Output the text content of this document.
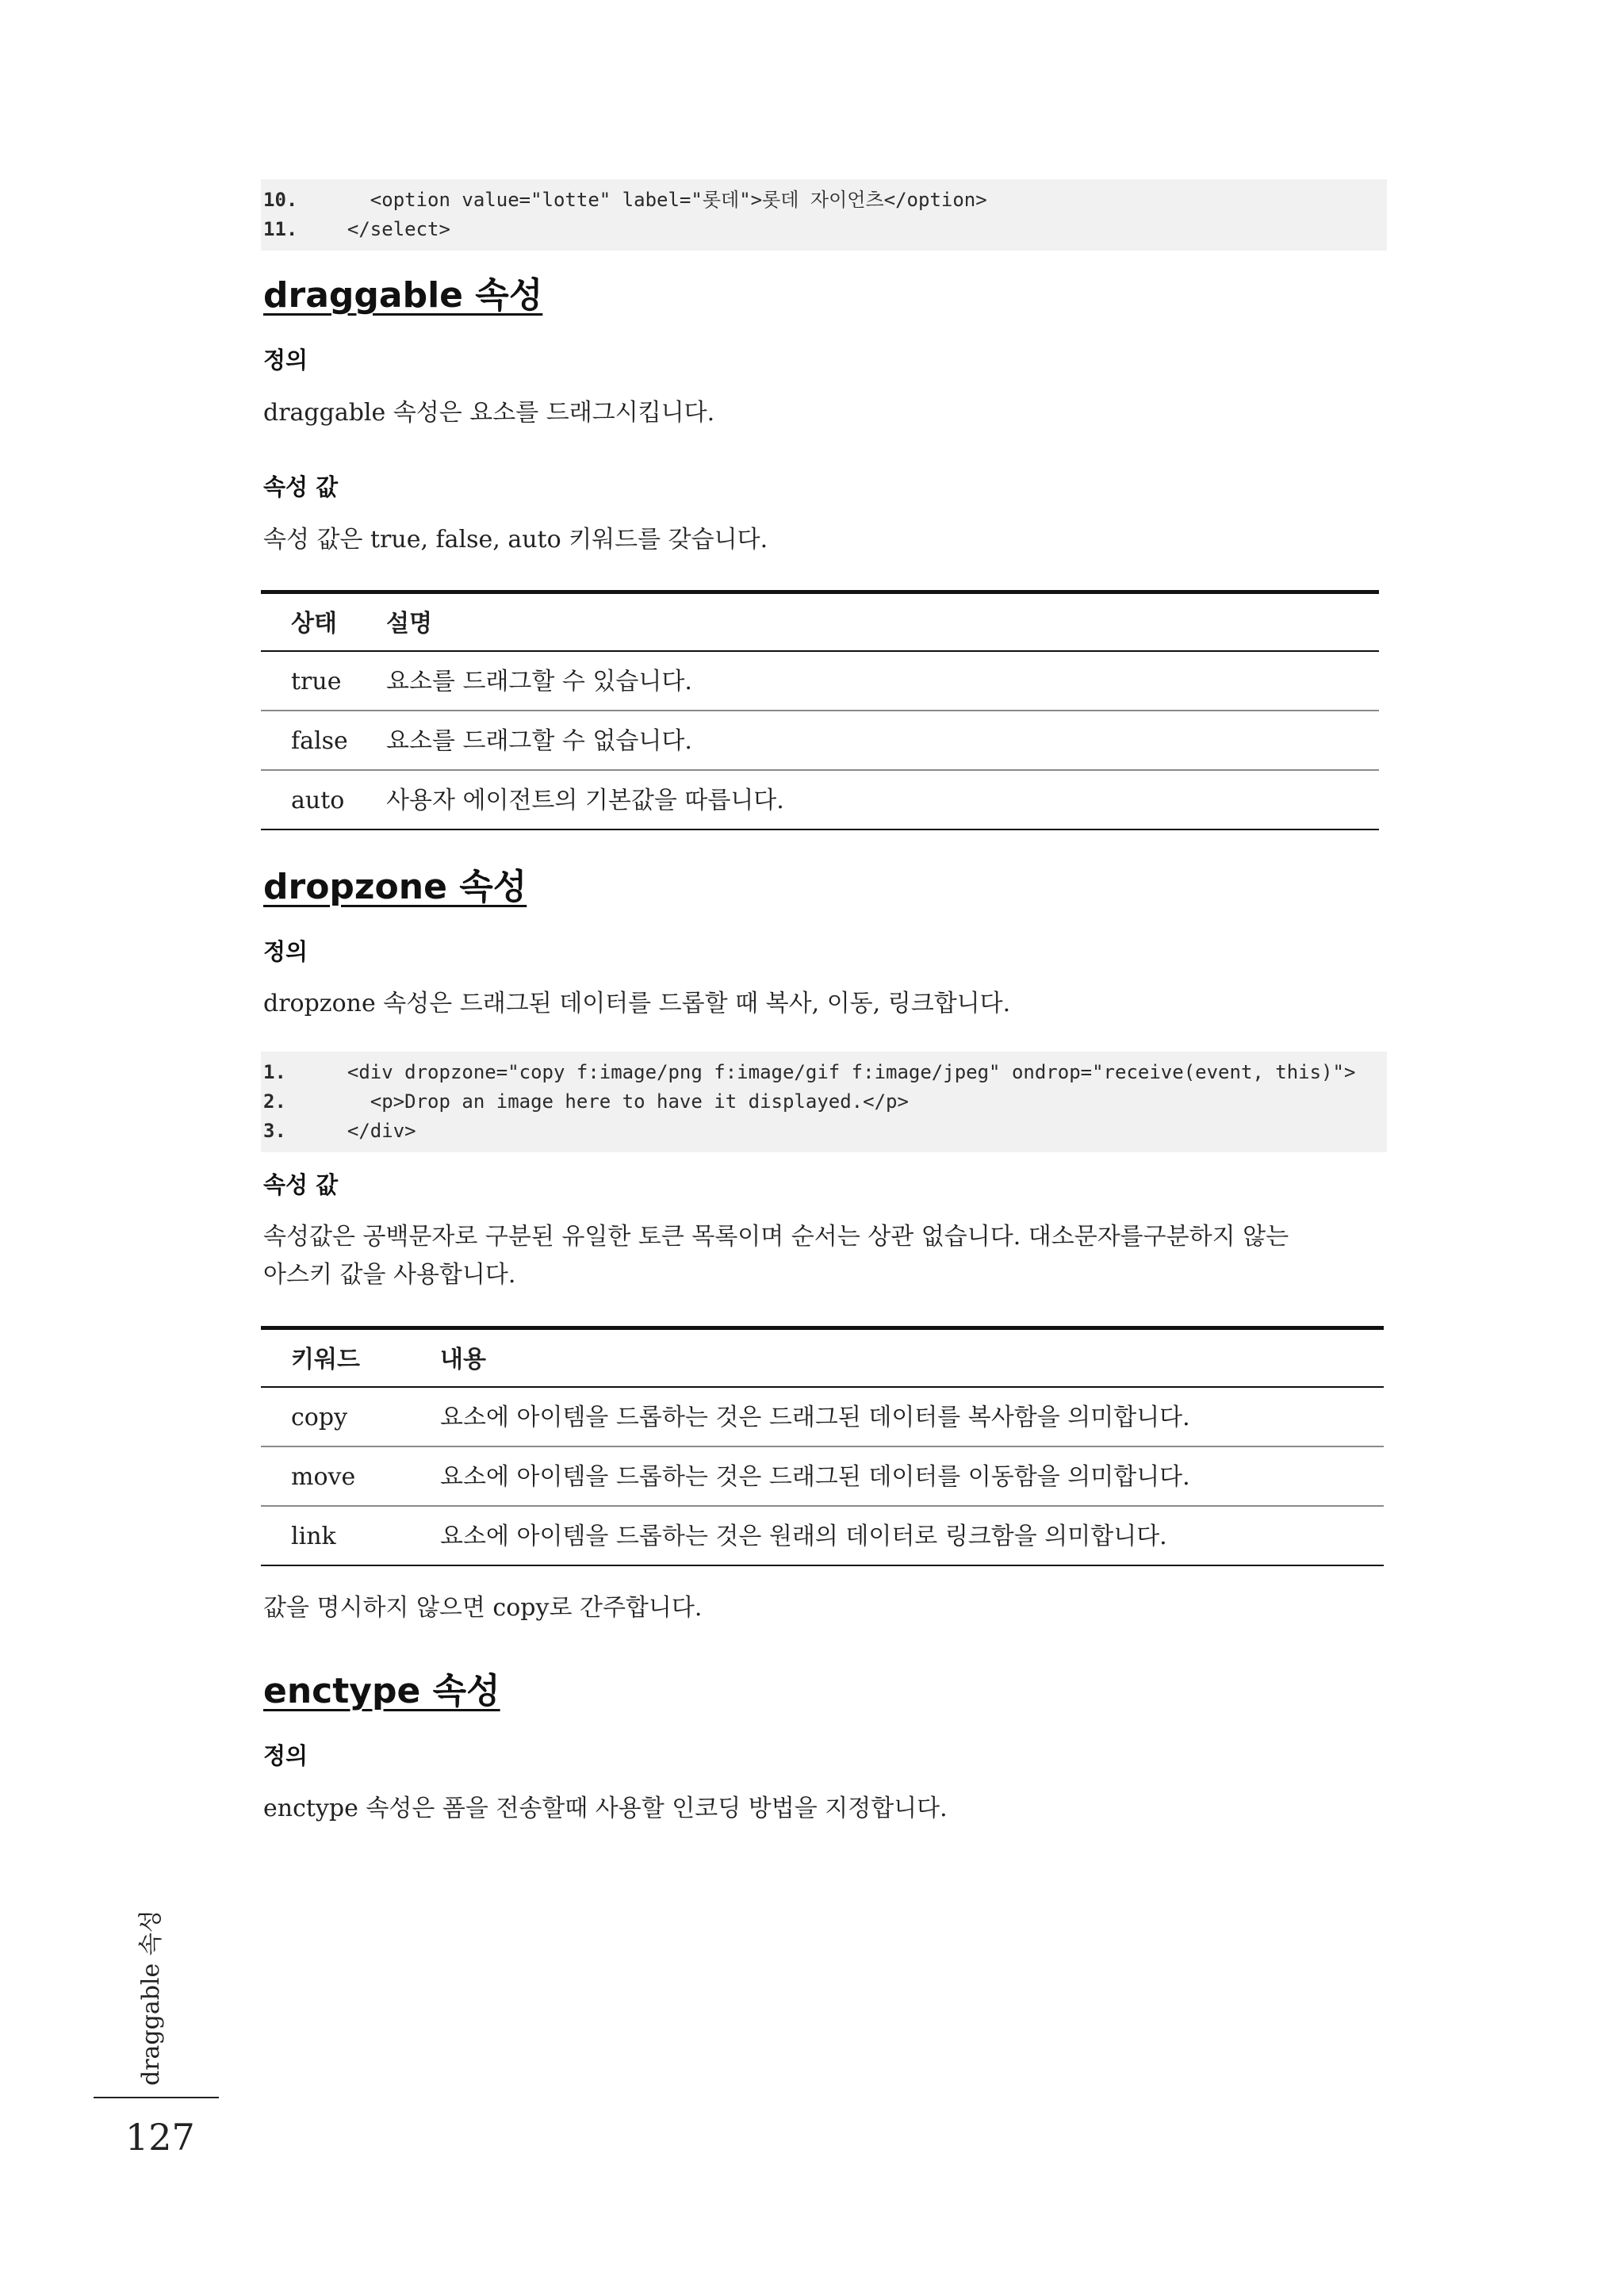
10. <option value="lotte" label="롯데">롯데 자이언츠</option>
11. </select>
draggable 속성
정의
draggable 속성은 요소를 드래그시킵니다.
속성 값
속성 값은 true, false, auto 키워드를 갖습니다.
상태 설명
true 요소를 드래그할 수 있습니다.
false 요소를 드래그할 수 없습니다.
auto 사용자 에이전트의 기본값을 따릅니다.
dropzone 속성
정의
dropzone 속성은 드래그된 데이터를 드롭할 때 복사, 이동, 링크합니다.
1. <div dropzone="copy f:image/png f:image/gif f:image/jpeg" ondrop="receive(event, this)">
2. <p>Drop an image here to have it displayed.</p>
3. </div>
속성 값
속성값은 공백문자로 구분된 유일한 토큰 목록이며 순서는 상관 없습니다. 대소문자를구분하지 않는
아스키 값을 사용합니다.
키워드	내용
copy	요소에 아이템을 드롭하는 것은 드래그된 데이터를 복사함을 의미합니다.
move	요소에 아이템을 드롭하는 것은 드래그된 데이터를 이동함을 의미합니다.
link	요소에 아이템을 드롭하는 것은 원래의 데이터로 링크함을 의미합니다.
값을 명시하지 않으면 copy로 간주합니다.
enctype 속성
정의
enctype 속성은 폼을 전송할때 사용할 인코딩 방법을 지정합니다.
draggable 속성
127
